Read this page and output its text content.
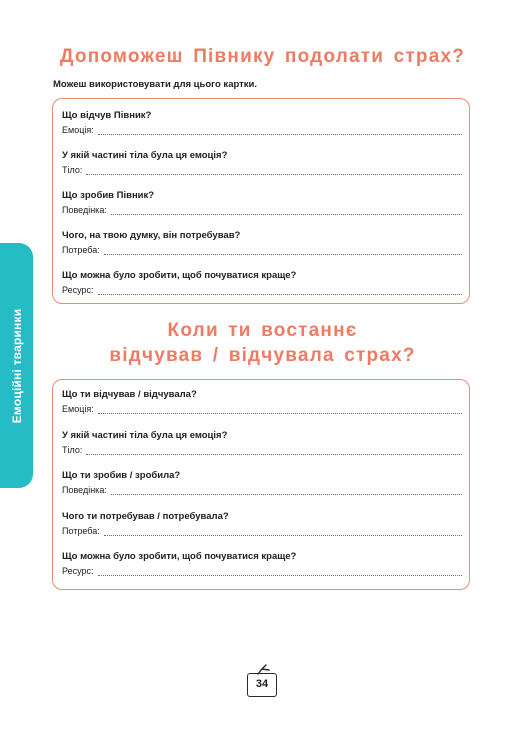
Емоційні тваринки
Допоможеш Півнику подолати страх?

Можеш використовувати для цього картки.

Що відчув Півник?
Емоція:
У якій частині тіла була ця емоція?
Тіло:
Що зробив Півник?
Поведінка:
Чого, на твою думку, він потребував?
Потреба:
Що можна було зробити, щоб почуватися краще?
Ресурс:
Коли ти востаннє
відчував / відчувала страх?
Що ти відчував / відчувала?
Емоція:
У якій частині тіла була ця емоція?
Тіло:
Що ти зробив / зробила?
Поведінка:
Чого ти потребував / потребувала?
Потреба:
Що можна було зробити, щоб почуватися краще?
Ресурс:
34
